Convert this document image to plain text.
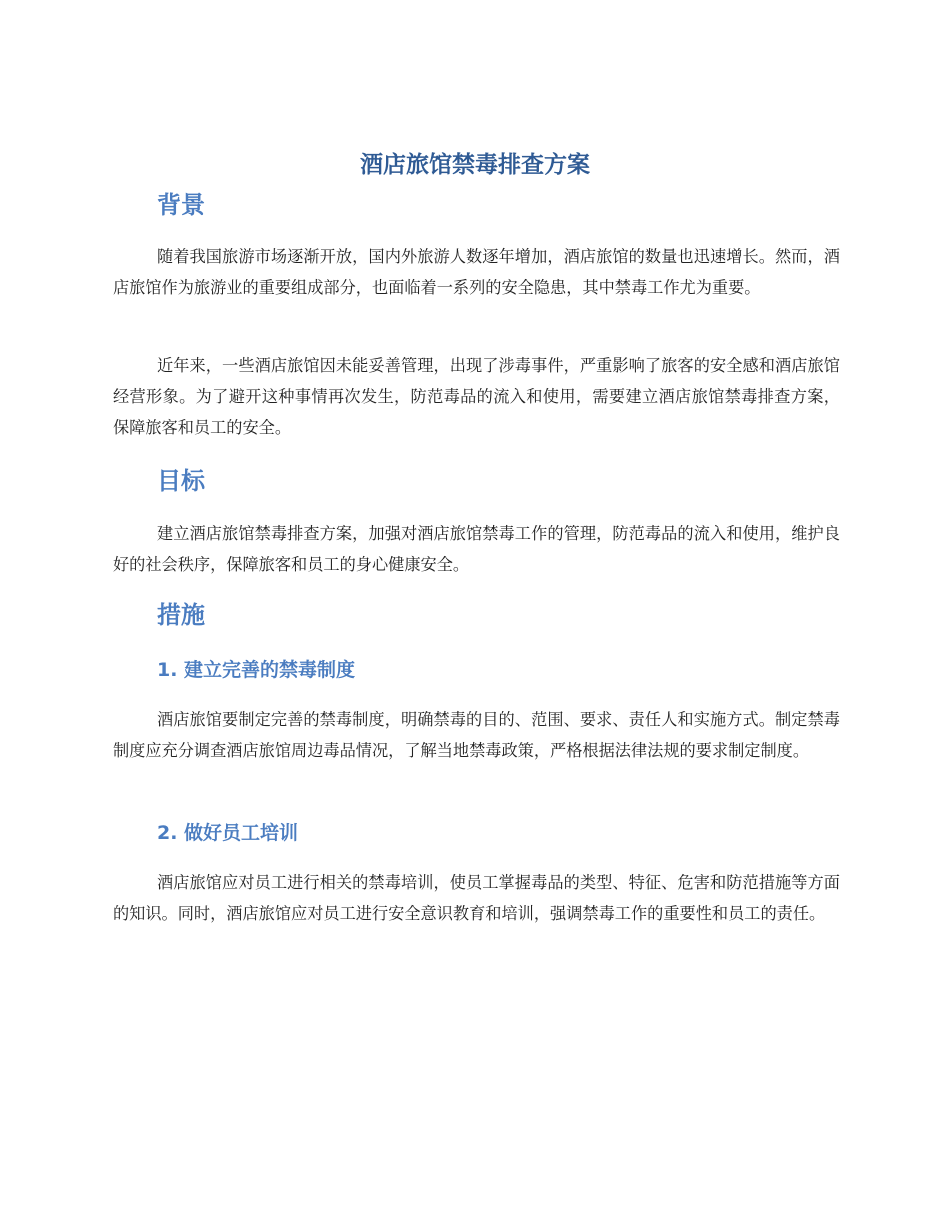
酒店旅馆禁毒排查方案
背景

随着我国旅游市场逐渐开放，国内外旅游人数逐年增加，酒店旅馆的数量也迅速增长。然而，酒店旅馆作为旅游业的重要组成部分，也面临着一系列的安全隐患，其中禁毒工作尤为重要。

近年来，一些酒店旅馆因未能妥善管理，出现了涉毒事件，严重影响了旅客的安全感和酒店旅馆经营形象。为了避开这种事情再次发生，防范毒品的流入和使用，需要建立酒店旅馆禁毒排查方案，保障旅客和员工的安全。

目标

建立酒店旅馆禁毒排查方案，加强对酒店旅馆禁毒工作的管理，防范毒品的流入和使用，维护良好的社会秩序，保障旅客和员工的身心健康安全。

措施
1. 建立完善的禁毒制度

酒店旅馆要制定完善的禁毒制度，明确禁毒的目的、范围、要求、责任人和实施方式。制定禁毒制度应充分调查酒店旅馆周边毒品情况，了解当地禁毒政策，严格根据法律法规的要求制定制度。

2. 做好员工培训

酒店旅馆应对员工进行相关的禁毒培训，使员工掌握毒品的类型、特征、危害和防范措施等方面的知识。同时，酒店旅馆应对员工进行安全意识教育和培训，强调禁毒工作的重要性和员工的责任。
